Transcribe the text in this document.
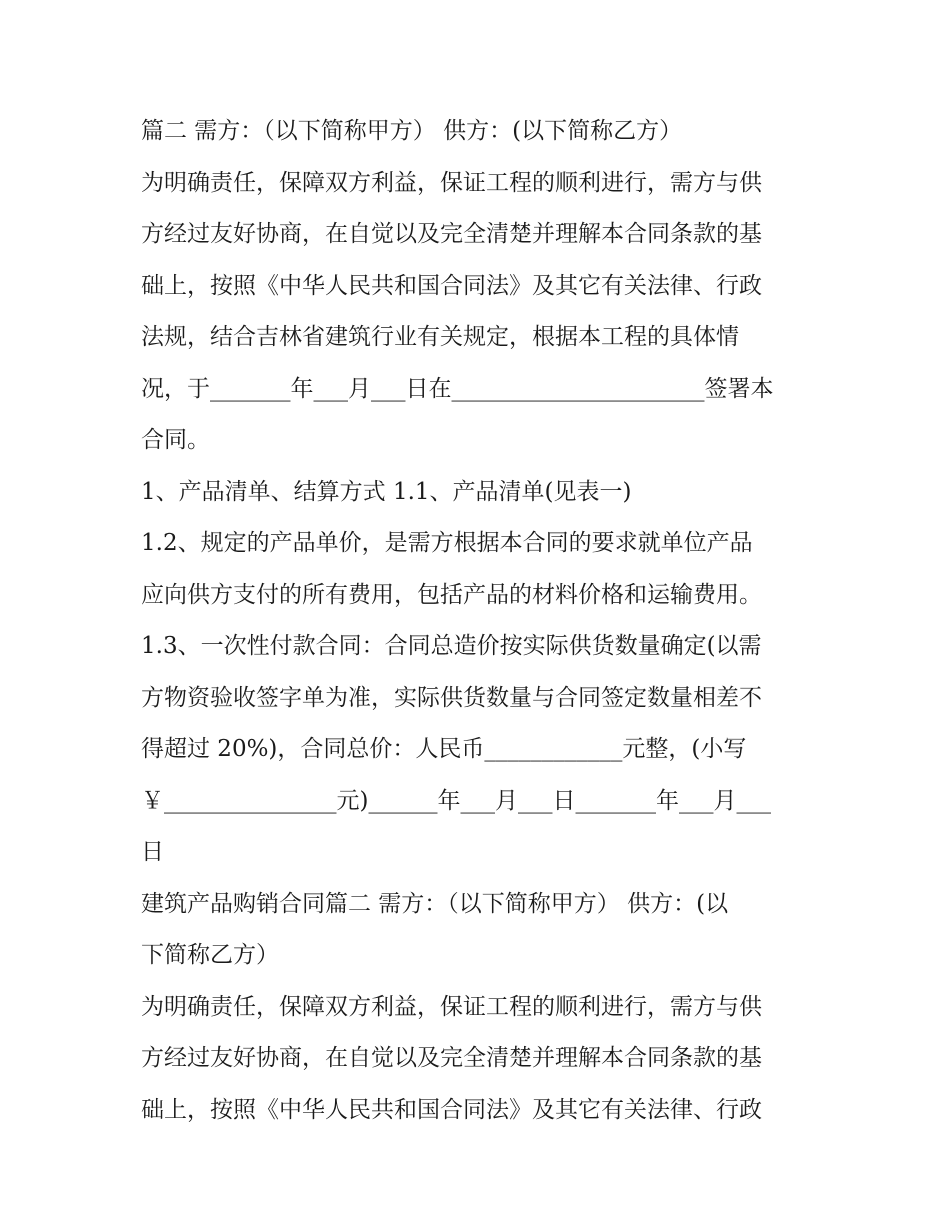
篇二 需方：（以下简称甲方） 供方：(以下简称乙方）
为明确责任，保障双方利益，保证工程的顺利进行，需方与供
方经过友好协商，在自觉以及完全清楚并理解本合同条款的基
础上，按照《中华人民共和国合同法》及其它有关法律、行政
法规，结合吉林省建筑行业有关规定，根据本工程的具体情
况，于_______年___月___日在______________________签署本
合同。
1、产品清单、结算方式 1.1、产品清单(见表一)
1.2、规定的产品单价，是需方根据本合同的要求就单位产品
应向供方支付的所有费用，包括产品的材料价格和运输费用。
1.3、一次性付款合同：合同总造价按实际供货数量确定(以需
方物资验收签字单为准，实际供货数量与合同签定数量相差不
得超过 20%)，合同总价：人民币____________元整，(小写
￥_______________元)______年___月___日_______年___月___
日
建筑产品购销合同篇二 需方：（以下简称甲方） 供方：(以
下简称乙方）
为明确责任，保障双方利益，保证工程的顺利进行，需方与供
方经过友好协商，在自觉以及完全清楚并理解本合同条款的基
础上，按照《中华人民共和国合同法》及其它有关法律、行政
